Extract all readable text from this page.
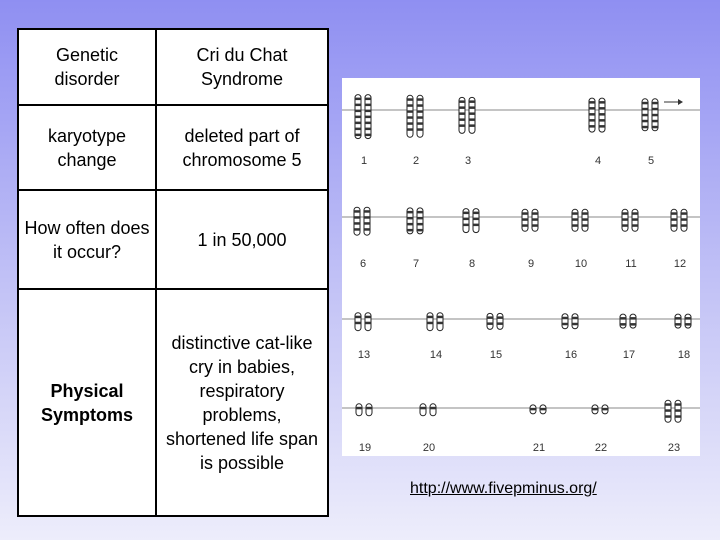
Genetic disorder	Cri du Chat Syndrome
karyotype change	deleted part of chromosome 5
How often does it occur?	1 in 50,000
Physical Symptoms	distinctive cat-like cry in babies, respiratory problems, shortened life span is possible
1	2	3	4	5
6	7	8	9	10	11	12
13	14	15	16	17	18
19	20	21	22	23
http://www.fivepminus.org/
